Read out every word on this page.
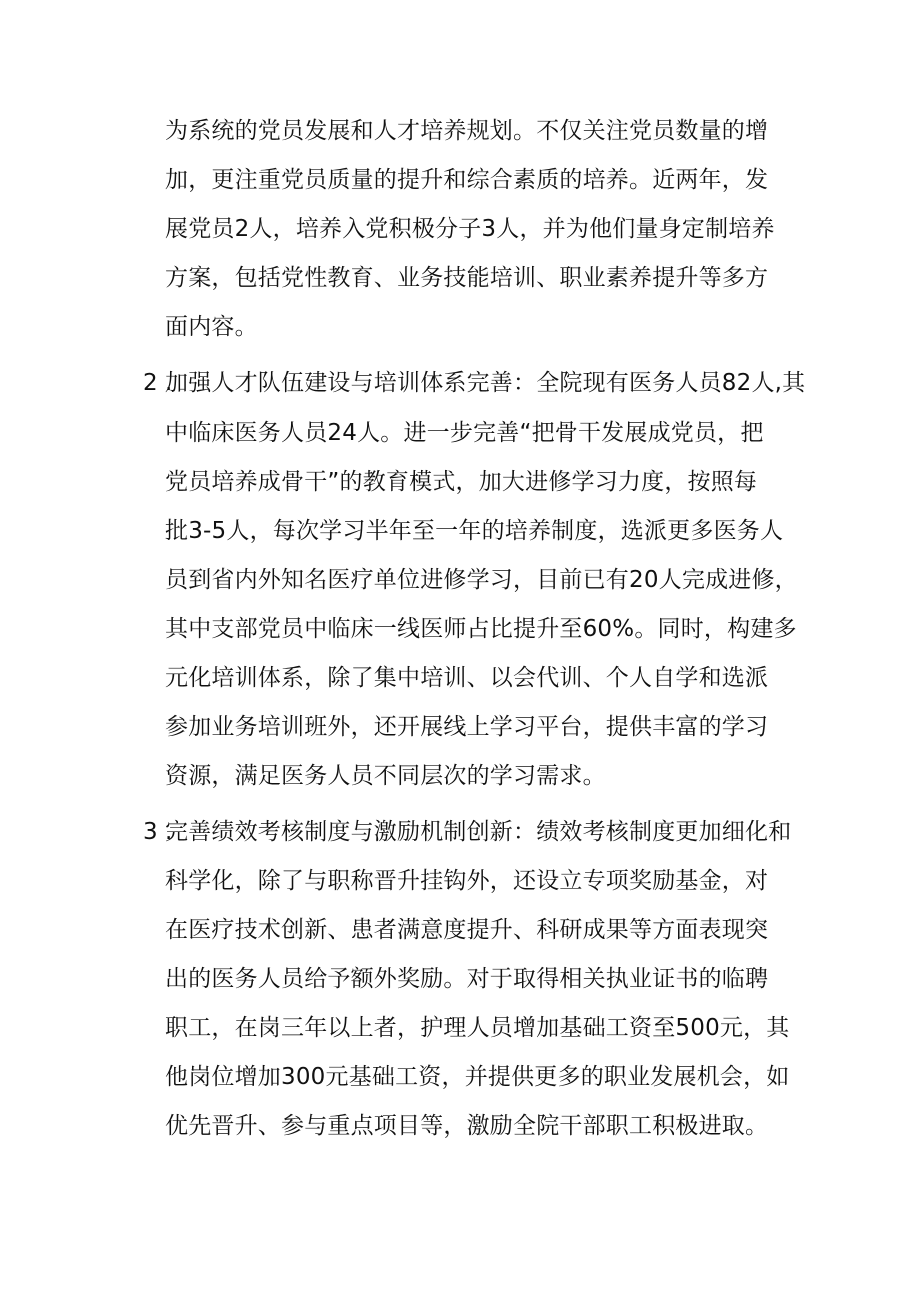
为系统的党员发展和人才培养规划。不仅关注党员数量的增
加，更注重党员质量的提升和综合素质的培养。近两年，发
展党员2人，培养入党积极分子3人，并为他们量身定制培养
方案，包括党性教育、业务技能培训、职业素养提升等多方
面内容。
2 .
加强人才队伍建设与培训体系完善：全院现有医务人员82人,其
中临床医务人员24人。进一步完善“把骨干发展成党员，把
党员培养成骨干”的教育模式，加大进修学习力度，按照每
批3-5人，每次学习半年至一年的培养制度，选派更多医务人
员到省内外知名医疗单位进修学习，目前已有20人完成进修，
其中支部党员中临床一线医师占比提升至60%。同时，构建多
元化培训体系，除了集中培训、以会代训、个人自学和选派
参加业务培训班外，还开展线上学习平台，提供丰富的学习
资源，满足医务人员不同层次的学习需求。
3 .
完善绩效考核制度与激励机制创新：绩效考核制度更加细化和
科学化，除了与职称晋升挂钩外，还设立专项奖励基金，对
在医疗技术创新、患者满意度提升、科研成果等方面表现突
出的医务人员给予额外奖励。对于取得相关执业证书的临聘
职工，在岗三年以上者，护理人员增加基础工资至500元，其
他岗位增加300元基础工资，并提供更多的职业发展机会，如
优先晋升、参与重点项目等，激励全院干部职工积极进取。
